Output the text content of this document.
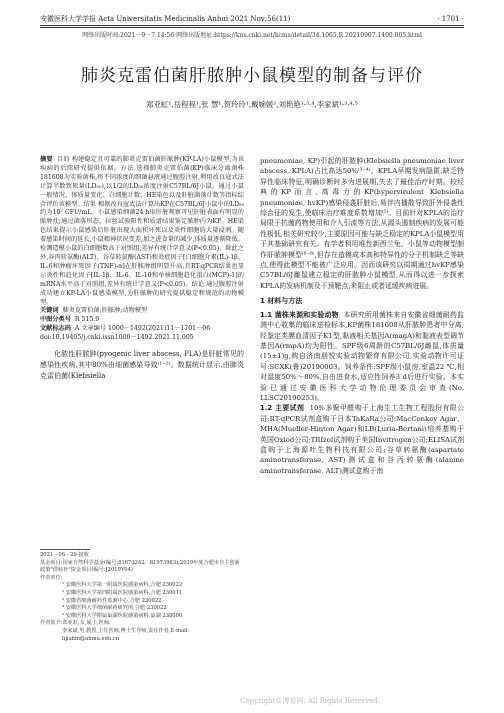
安徽医科大学学报 Acta Universitatis Medicinalis Anhui 2021 Nov;56(11)	· 1701 ·
网络出版时间:2021－9－7 14:56 网络出版地址:https://kns.cnki.net/kcms/detail/34.1065.R.20210907.1400.005.html
肺炎克雷伯菌肝脓肿小鼠模型的制备与评价
郑亚虹¹,岳程程¹,张 慧¹,贺玲玲¹,戴婉媛²,刘艳艳¹·³·⁴,李家斌¹·³·⁴·⁵

摘要 目的 构建稳定且可靠的肺炎克雷伯菌肝脓肿(KP-LA)小鼠模型,为该疾病的后续研究提供依据。方法 选择肺炎克雷伯菌(KP)临床分离菌株181608为实验菌株,将不同浓度的细菌悬液通过腹腔注射,利用改良寇式法计算半数致死量(LD₅₀),以1/2的LD₅₀浓度注射C57BL/6J小鼠。通过小鼠一般情况、体质量变化、白细胞计数、HE染色以及肝脏菌落计数等指标综合评价该模型。结果 根据改良寇式法计算出KP在C57BL/6J小鼠中的LD₅₀约为10⁷ CFU/mL。小鼠感染细菌24 h取肝脏观察可见肝脏表面有明显的脓肿灶;通过菌落形态、拉丝试验阳性和质谱结果鉴定脓肿内为KP。HE染色结果提示小鼠感染后肝脏出现大面积坏死以及炎性细胞的大量浸润。随着感染时间的延长,小鼠精神状况变差,加之进食量的减少,体质量逐渐降低。检测造模小鼠的白细胞数高于对照组,差异有统计学意义(P<0.05)。除此之外,谷丙转氨酶(ALT)、谷草转氨酶(AST)和炎症因子[白细胞介素(IL)-1β、IL-6和肿瘤坏死因子(TNF)-α]在肝脓肿组明显升高,且RT-qPCR结果也显示炎性和趋化因子[IL-1β、IL-6、IL-10和单核细胞趋化蛋白(MCP)-1]的mRNA水平高于对照组,差异有统计学意义(P<0.05)。结论 通过腹腔注射成功建立KP-LA小鼠感染模型,为肝脓肿的研究提供稳定和规范的动物模型。

关键词 肺炎克雷伯菌;肝脓肿;动物模型

中图分类号 R 515.9

文献标志码 A 文章编号 1000－1492(2021)11－1701－06

doi:10.19405/j.cnki.issn1000－1492.2021.11.005

化脓性肝脓肿(pyogenic liver abscess, PLA)是肝脏常见的感染性疾病,其中80%由细菌感染导致⁽¹⁻²⁾。数据统计显示,由肺炎克雷伯菌(Klebsiella

2021－06－29 接收

基金项目:国家自然科学基金(编号:81673242、81973983);2019年度合肥市自主创新政策"借转补"资金项目(编号:J2019Y04)

作者单位:

¹ 安徽医科大学第一附属医院感染病科,合肥 230022

² 安徽医科大学第四附属医院感染病科,合肥 230011

³ 安徽省细菌耐药性监测中心,合肥 230022

⁴ 安徽医科大学细菌耐药研究所,合肥 230022

⁵ 安徽医科大学附属巢湖医院感染病科,巢湖 238000

作者简介:郑亚虹,女,硕士,医师;

李家斌,男,教授,主任医师,博士生导师,责任作者,E-mail: lijiabin@ahmu.edu.cn

pneumoniae, KP)引起的肝脓肿(Klebsiella pneumoniae liver abscess, KPLA)占比高达50%⁽³⁻⁴⁾。KPLA早期发病隐匿,缺乏特异性临床特征,明确诊断时多为进展期,失去了最佳治疗时期。较经典的KP而言,高毒力的KP(hypervirulent Klebsiella pneumoniae, hvKP)感染侵袭肝脏后,易伴内播散导致肝外侵袭性综合征的发生,使临床治疗难度系数增加⁽⁵⁾。目前针对KPLA的治疗局限于抗菌药物使用和介入引流等方法,从源头遏制疾病的发展可能性极低,相关研究较少,主要原因可能与缺乏稳定的KPLA小鼠模型用于其基础研究有关。有学者利用堆性新西兰兔、小鼠等动物模型制作肝脓肿模型⁽⁶⁻⁸⁾,但存在造模成本高和特异性的分子机制缺乏等缺点,使得此模型不能被广泛应用。因而该研究以周期通过hvKP感染C57BL/6J雌鼠建立稳定的肝脓肿小鼠模型,从而得以进一步探索KPLA的发病机制及干预靶点,来阻止或者延缓疾病进展。

1 材料与方法

1.1 菌株来源和实验动物 本研究所用菌株来自安徽省细菌耐药监测中心收集的临床送检标本,KP菌株181608从肝脓肿患者中分离,经鉴定类膜血清因子K1型,黏液相关基因A(magA)和黏液表型调节基因A(rmpA)均为阳性。SPF级6周龄的C57BL/6J雌鼠,体质量(15±1)g,购自济南朋悦实验动物繁育有限公司,实验动物许可证号:SCXK(鲁)20190003。饲养条件:SPF级小鼠房,室温22 ℃,相对湿度50%～80%,自由进食水,适应性饲养3 d后进行实验。本实验已通过安徽医科大学动物伦理委员会审查(No. LLSC20190253)。

1.2 主要试剂 10%多聚甲醛购于上海生工生物工程股份有限公司;RT-qPCR试剂盒购于日本TaKaRa公司;MacConkey Agar、MHA(Mueller-Hinton Agar)和LB(Luria-Bertani)培养基购于英国Oxiod公司;TRIzol试剂购于美国Invitrogen公司;ELISA试剂盒购于上海源叶生物科技有限公司;谷草转氨酶(aspartate aminotransferase, AST)测试盒和谷丙转氨酶(alanine aminotransferase, ALT)测试盒购于南

Copyright©博看网. All Rights Reserved.
